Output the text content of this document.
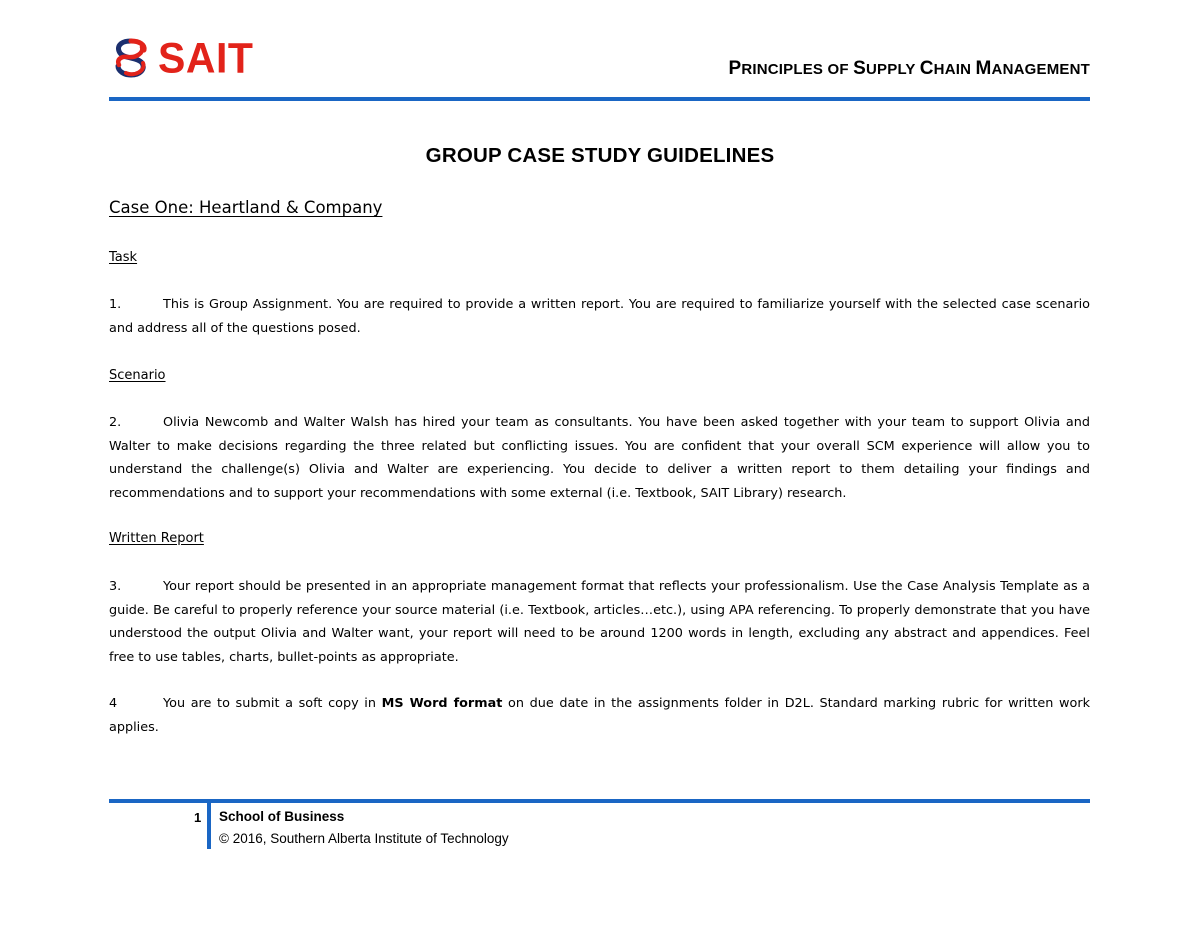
SAIT	PRINCIPLES OF SUPPLY CHAIN MANAGEMENT
GROUP CASE STUDY GUIDELINES
Case One: Heartland & Company
Task
1.	This is Group Assignment. You are required to provide a written report. You are required to familiarize yourself with the selected case scenario and address all of the questions posed.
Scenario
2.	Olivia Newcomb and Walter Walsh has hired your team as consultants. You have been asked together with your team to support Olivia and Walter to make decisions regarding the three related but conflicting issues. You are confident that your overall SCM experience will allow you to understand the challenge(s) Olivia and Walter are experiencing. You decide to deliver a written report to them detailing your findings and recommendations and to support your recommendations with some external (i.e. Textbook, SAIT Library) research.
Written Report
3.	Your report should be presented in an appropriate management format that reflects your professionalism. Use the Case Analysis Template as a guide. Be careful to properly reference your source material (i.e. Textbook, articles…etc.), using APA referencing. To properly demonstrate that you have understood the output Olivia and Walter want, your report will need to be around 1200 words in length, excluding any abstract and appendices. Feel free to use tables, charts, bullet-points as appropriate.
4	You are to submit a soft copy in MS Word format on due date in the assignments folder in D2L. Standard marking rubric for written work applies.
1 School of Business
© 2016, Southern Alberta Institute of Technology
